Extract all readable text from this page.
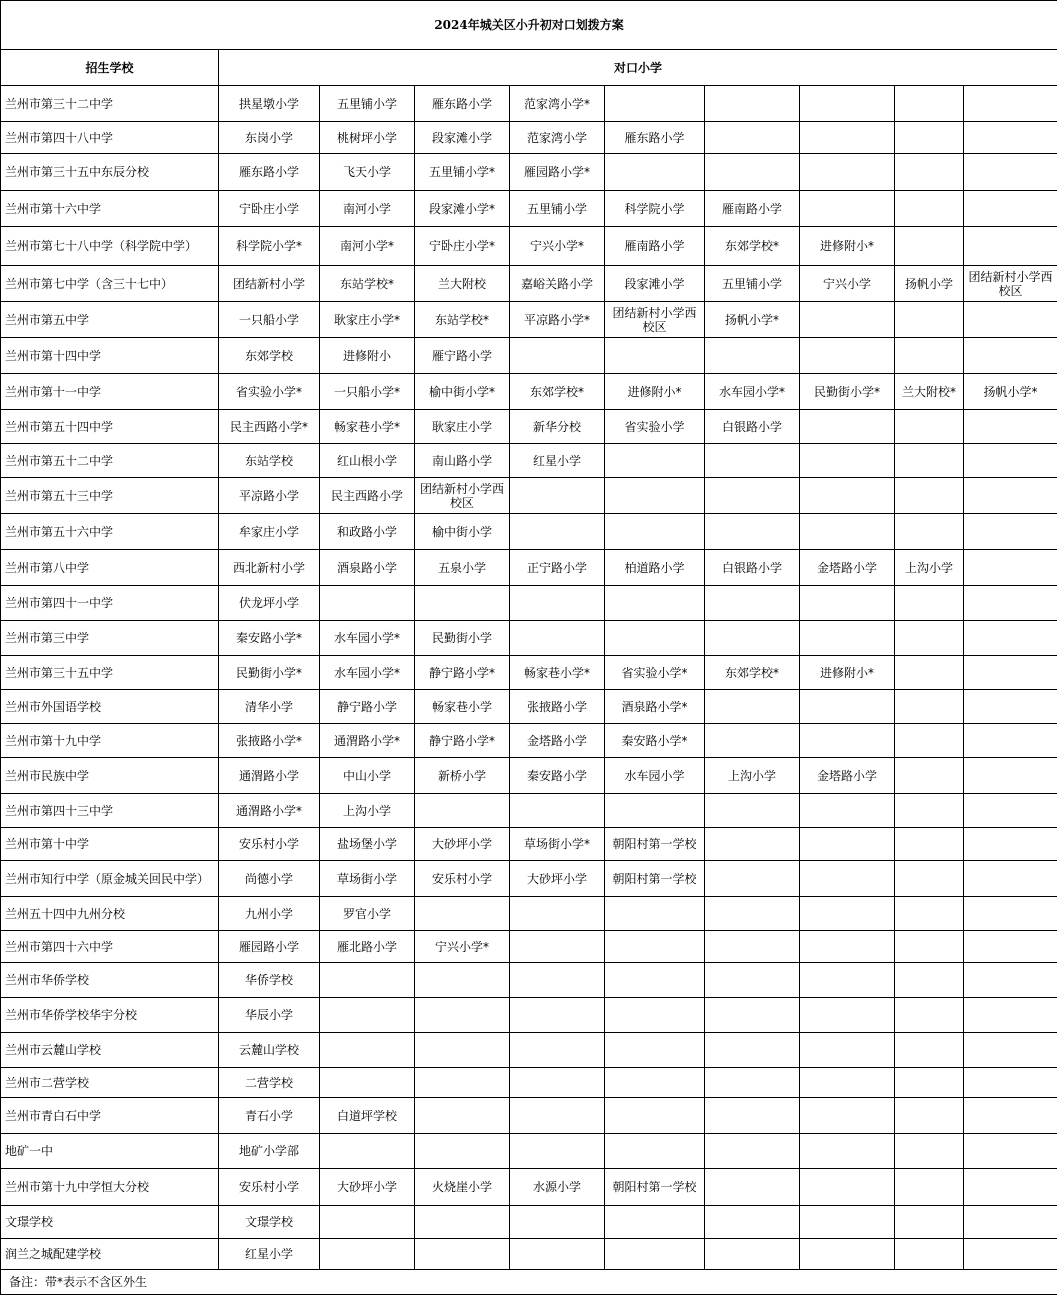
2024年城关区小升初对口划拨方案									
招生学校	对口小学								
兰州市第三十二中学	拱星墩小学	五里铺小学	雁东路小学	范家湾小学*					
兰州市第四十八中学	东岗小学	桃树坪小学	段家滩小学	范家湾小学	雁东路小学				
兰州市第三十五中东辰分校	雁东路小学	飞天小学	五里铺小学*	雁园路小学*					
兰州市第十六中学	宁卧庄小学	南河小学	段家滩小学*	五里铺小学	科学院小学	雁南路小学			
兰州市第七十八中学（科学院中学）	科学院小学*	南河小学*	宁卧庄小学*	宁兴小学*	雁南路小学	东郊学校*	进修附小*		
兰州市第七中学（含三十七中）	团结新村小学	东站学校*	兰大附校	嘉峪关路小学	段家滩小学	五里铺小学	宁兴小学	扬帆小学	团结新村小学西校区
兰州市第五中学	一只船小学	耿家庄小学*	东站学校*	平凉路小学*	团结新村小学西校区	扬帆小学*			
兰州市第十四中学	东郊学校	进修附小	雁宁路小学						
兰州市第十一中学	省实验小学*	一只船小学*	榆中街小学*	东郊学校*	进修附小*	水车园小学*	民勤街小学*	兰大附校*	扬帆小学*
兰州市第五十四中学	民主西路小学*	畅家巷小学*	耿家庄小学	新华分校	省实验小学	白银路小学			
兰州市第五十二中学	东站学校	红山根小学	南山路小学	红星小学					
兰州市第五十三中学	平凉路小学	民主西路小学	团结新村小学西校区						
兰州市第五十六中学	牟家庄小学	和政路小学	榆中街小学						
兰州市第八中学	西北新村小学	酒泉路小学	五泉小学	正宁路小学	柏道路小学	白银路小学	金塔路小学	上沟小学	
兰州市第四十一中学	伏龙坪小学								
兰州市第三中学	秦安路小学*	水车园小学*	民勤街小学						
兰州市第三十五中学	民勤街小学*	水车园小学*	静宁路小学*	畅家巷小学*	省实验小学*	东郊学校*	进修附小*		
兰州市外国语学校	清华小学	静宁路小学	畅家巷小学	张掖路小学	酒泉路小学*				
兰州市第十九中学	张掖路小学*	通渭路小学*	静宁路小学*	金塔路小学	秦安路小学*				
兰州市民族中学	通渭路小学	中山小学	新桥小学	秦安路小学	水车园小学	上沟小学	金塔路小学		
兰州市第四十三中学	通渭路小学*	上沟小学							
兰州市第十中学	安乐村小学	盐场堡小学	大砂坪小学	草场街小学*	朝阳村第一学校				
兰州市知行中学（原金城关回民中学）	尚德小学	草场街小学	安乐村小学	大砂坪小学	朝阳村第一学校				
兰州五十四中九州分校	九州小学	罗官小学							
兰州市第四十六中学	雁园路小学	雁北路小学	宁兴小学*						
兰州市华侨学校	华侨学校								
兰州市华侨学校华宇分校	华辰小学								
兰州市云麓山学校	云麓山学校								
兰州市二营学校	二营学校								
兰州市青白石中学	青石小学	白道坪学校							
地矿一中	地矿小学部								
兰州市第十九中学恒大分校	安乐村小学	大砂坪小学	火烧崖小学	水源小学	朝阳村第一学校				
文璟学校	文璟学校								
润兰之城配建学校	红星小学								
备注：带*表示不含区外生									
